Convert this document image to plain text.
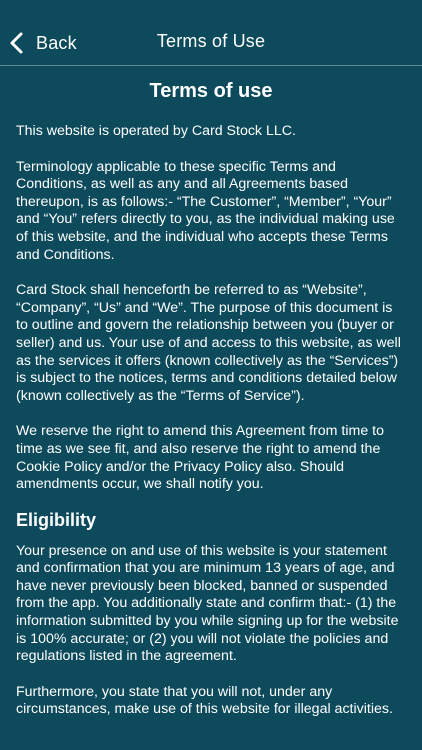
Back	Terms of Use
Terms of use

This website is operated by Card Stock LLC.

Terminology applicable to these specific Terms and Conditions, as well as any and all Agreements based thereupon, is as follows:- “The Customer”, “Member”, “Your” and “You” refers directly to you, as the individual making use of this website, and the individual who accepts these Terms and Conditions.

Card Stock shall henceforth be referred to as “Website”, “Company”, “Us” and “We”. The purpose of this document is to outline and govern the relationship between you (buyer or seller) and us. Your use of and access to this website, as well as the services it offers (known collectively as the “Services”) is subject to the notices, terms and conditions detailed below (known collectively as the “Terms of Service”).

We reserve the right to amend this Agreement from time to time as we see fit, and also reserve the right to amend the Cookie Policy and/or the Privacy Policy also. Should amendments occur, we shall notify you.

Eligibility

Your presence on and use of this website is your statement and confirmation that you are minimum 13 years of age, and have never previously been blocked, banned or suspended from the app. You additionally state and confirm that:- (1) the information submitted by you while signing up for the website is 100% accurate; or (2) you will not violate the policies and regulations listed in the agreement.

Furthermore, you state that you will not, under any circumstances, make use of this website for illegal activities.
